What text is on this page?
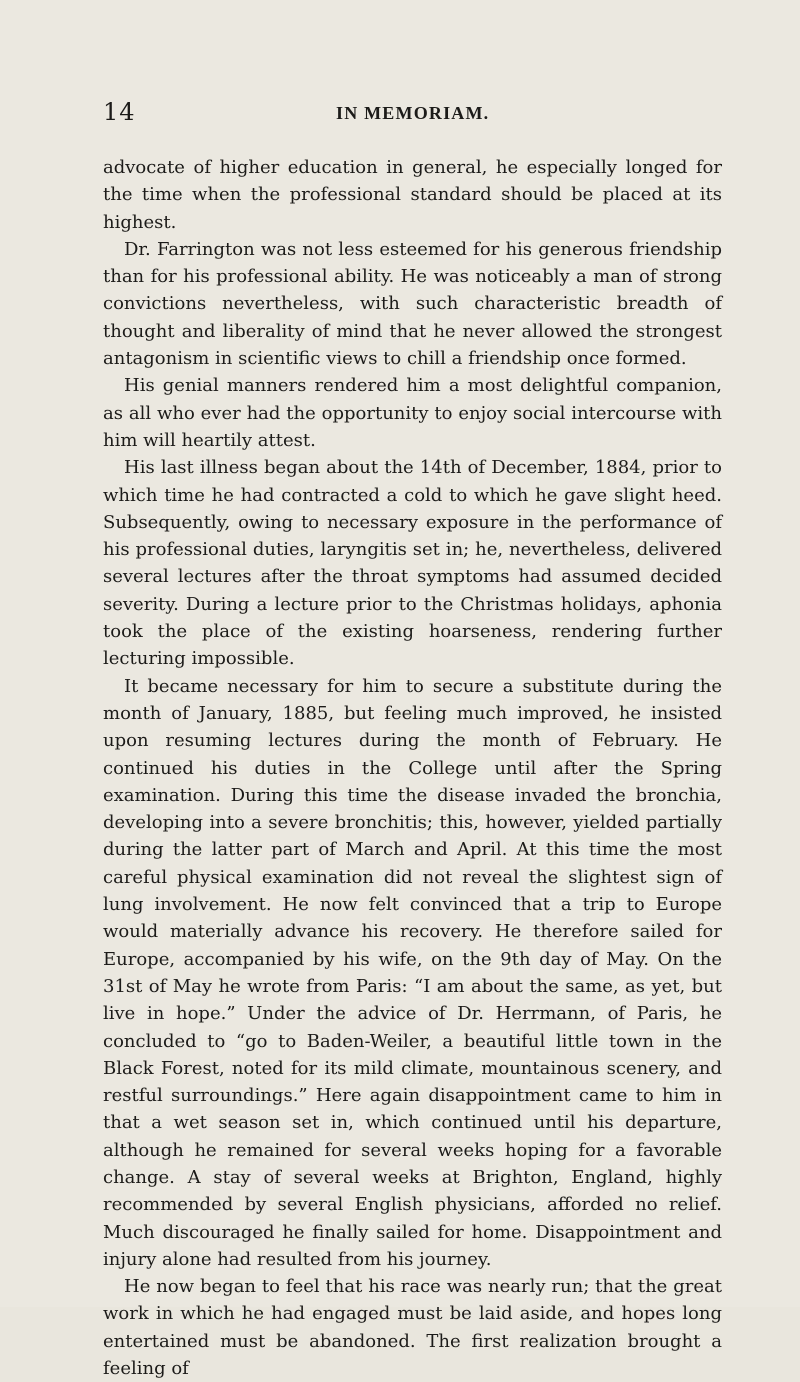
14	IN MEMORIAM.

advocate of higher education in general, he especially longed for the time when the professional standard should be placed at its highest.

Dr. Farrington was not less esteemed for his generous friendship than for his professional ability. He was noticeably a man of strong convictions nevertheless, with such characteristic breadth of thought and liberality of mind that he never allowed the strongest antagonism in scientific views to chill a friendship once formed.

His genial manners rendered him a most delightful companion, as all who ever had the opportunity to enjoy social intercourse with him will heartily attest.

His last illness began about the 14th of December, 1884, prior to which time he had contracted a cold to which he gave slight heed. Subsequently, owing to necessary exposure in the performance of his professional duties, laryngitis set in; he, nevertheless, delivered several lectures after the throat symptoms had assumed decided severity. During a lecture prior to the Christmas holidays, aphonia took the place of the existing hoarseness, rendering further lecturing impossible.

It became necessary for him to secure a substitute during the month of January, 1885, but feeling much improved, he insisted upon resuming lectures during the month of February. He continued his duties in the College until after the Spring examination. During this time the disease invaded the bronchia, developing into a severe bronchitis; this, however, yielded partially during the latter part of March and April. At this time the most careful physical examination did not reveal the slightest sign of lung involvement. He now felt convinced that a trip to Europe would materially advance his recovery. He therefore sailed for Europe, accompanied by his wife, on the 9th day of May. On the 31st of May he wrote from Paris: “I am about the same, as yet, but live in hope.” Under the advice of Dr. Herrmann, of Paris, he concluded to “go to Baden-Weiler, a beautiful little town in the Black Forest, noted for its mild climate, mountainous scenery, and restful surroundings.” Here again disappointment came to him in that a wet season set in, which continued until his departure, although he remained for several weeks hoping for a favorable change. A stay of several weeks at Brighton, England, highly recommended by several English physicians, afforded no relief. Much discouraged he finally sailed for home. Disappointment and injury alone had resulted from his journey.

He now began to feel that his race was nearly run; that the great work in which he had engaged must be laid aside, and hopes long entertained must be abandoned. The first realization brought a feeling of
